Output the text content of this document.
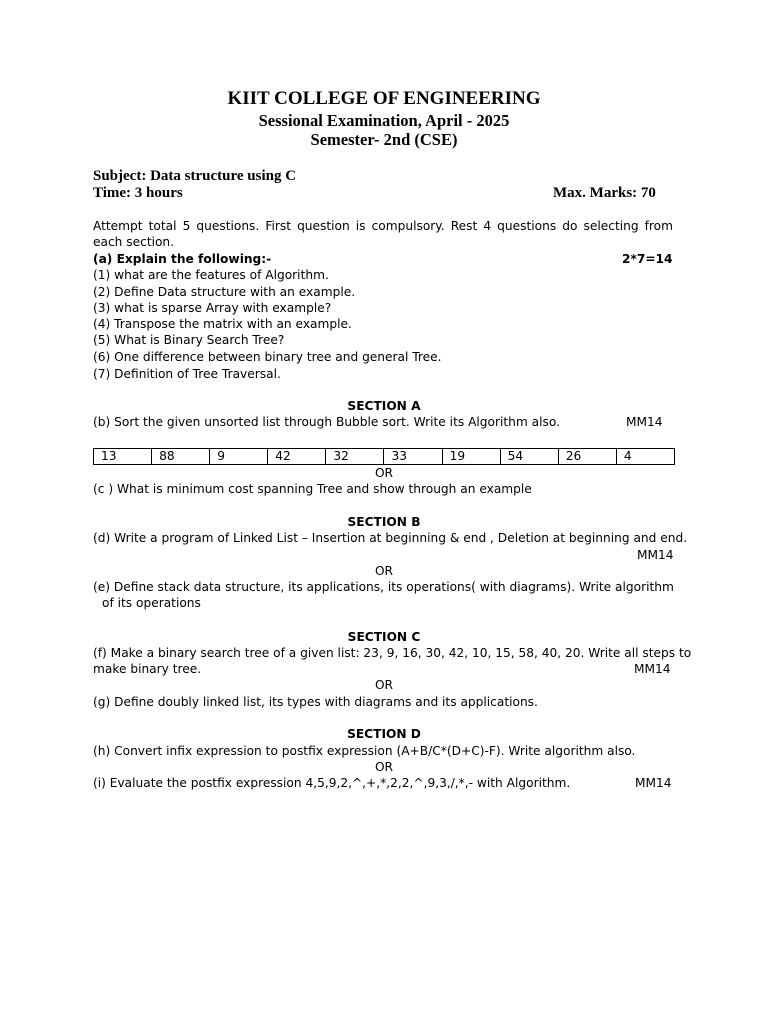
KIIT COLLEGE OF ENGINEERING
Sessional Examination, April - 2025
Semester- 2nd (CSE)
Subject: Data structure using C
Time: 3 hours	Max. Marks: 70
Attempt total 5 questions. First question is compulsory. Rest 4 questions do selecting from each section.
(a) Explain the following:-	2*7=14
(1) what are the features of Algorithm.
(2) Define Data structure with an example.
(3) what is sparse Array with example?
(4) Transpose the matrix with an example.
(5) What is Binary Search Tree?
(6) One difference between binary tree and general Tree.
(7) Definition of Tree Traversal.
SECTION A
(b) Sort the given unsorted list through Bubble sort. Write its Algorithm also.	MM14
13	88	9	42	32	33	19	54	26	4
OR
(c ) What is minimum cost spanning Tree and show through an example
SECTION B
(d) Write a program of Linked List – Insertion at beginning & end , Deletion at beginning and end.
MM14
OR
(e) Define stack data structure, its applications, its operations( with diagrams). Write algorithm
of its operations
SECTION C
(f) Make a binary search tree of a given list: 23, 9, 16, 30, 42, 10, 15, 58, 40, 20. Write all steps to
make binary tree.	MM14
OR
(g) Define doubly linked list, its types with diagrams and its applications.
SECTION D
(h) Convert infix expression to postfix expression (A+B/C*(D+C)-F). Write algorithm also.
OR
(i) Evaluate the postfix expression 4,5,9,2,^,+,*,2,2,^,9,3,/,*,- with Algorithm.	MM14
